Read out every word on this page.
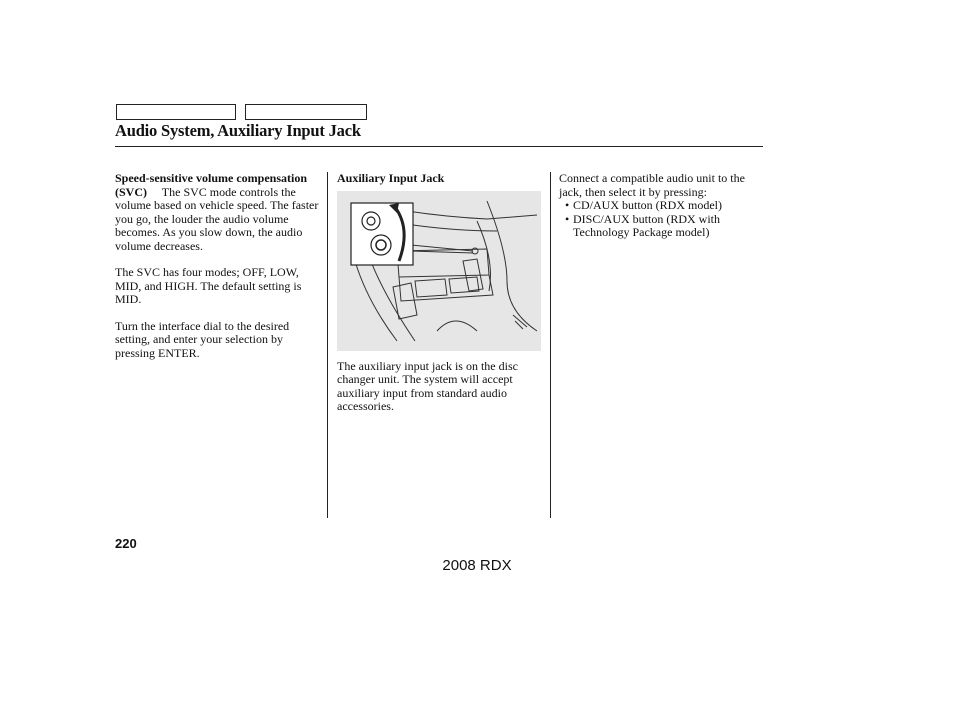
Audio System, Auxiliary Input Jack

Speed-sensitive volume compensation (SVC) The SVC mode controls the volume based on vehicle speed. The faster you go, the louder the audio volume becomes. As you slow down, the audio volume decreases.

The SVC has four modes; OFF, LOW, MID, and HIGH. The default setting is MID.

Turn the interface dial to the desired setting, and enter your selection by pressing ENTER.

Auxiliary Input Jack

The auxiliary input jack is on the disc changer unit. The system will accept auxiliary input from standard audio accessories.

Connect a compatible audio unit to the jack, then select it by pressing:
• CD/AUX button (RDX model)
• DISC/AUX button (RDX with Technology Package model)
220
2008 RDX
